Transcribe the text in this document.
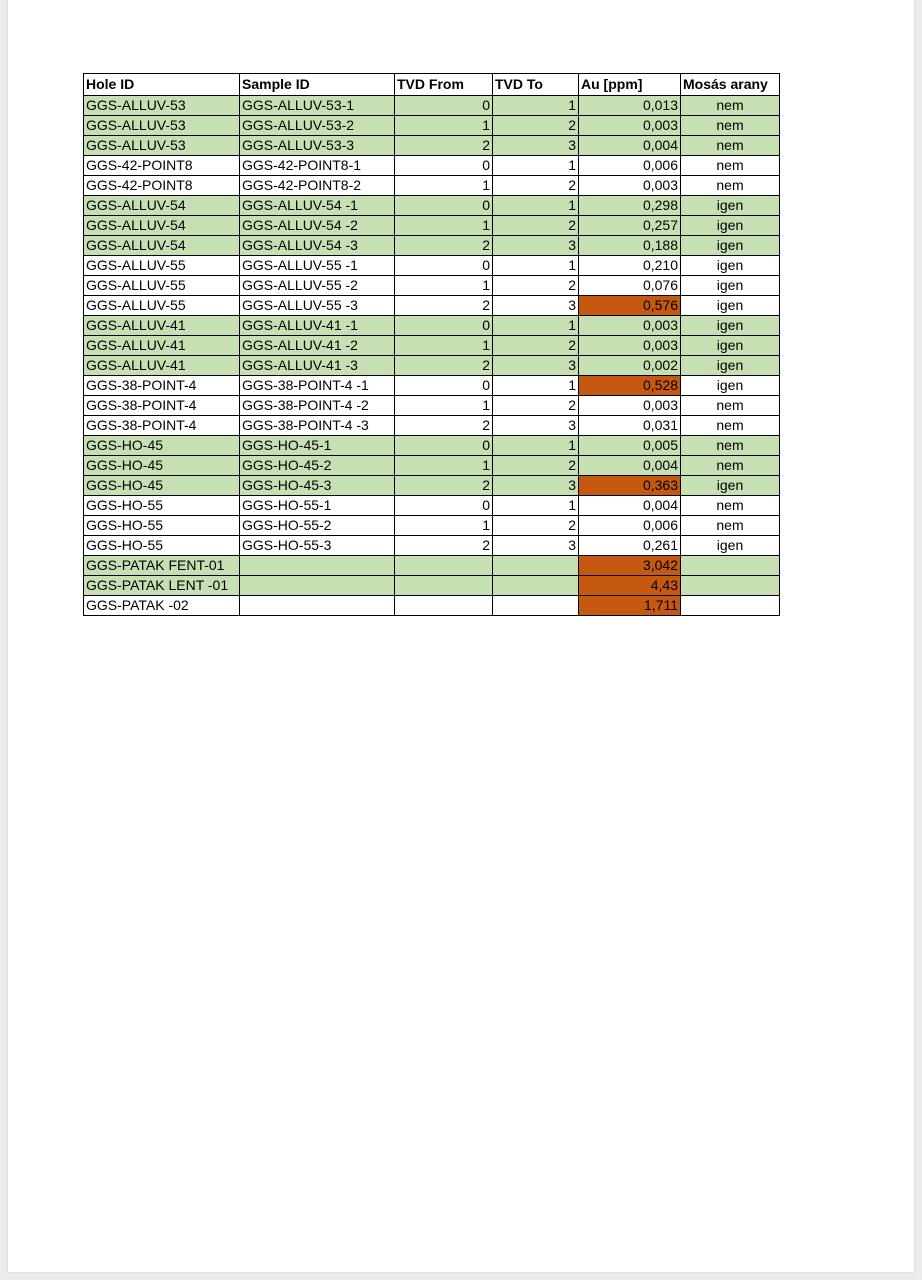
Hole ID	Sample ID	TVD From	TVD To	Au [ppm]	Mosás arany
GGS-ALLUV-53	GGS-ALLUV-53-1	0	1	0,013	nem
GGS-ALLUV-53	GGS-ALLUV-53-2	1	2	0,003	nem
GGS-ALLUV-53	GGS-ALLUV-53-3	2	3	0,004	nem
GGS-42-POINT8	GGS-42-POINT8-1	0	1	0,006	nem
GGS-42-POINT8	GGS-42-POINT8-2	1	2	0,003	nem
GGS-ALLUV-54	GGS-ALLUV-54 -1	0	1	0,298	igen
GGS-ALLUV-54	GGS-ALLUV-54 -2	1	2	0,257	igen
GGS-ALLUV-54	GGS-ALLUV-54 -3	2	3	0,188	igen
GGS-ALLUV-55	GGS-ALLUV-55 -1	0	1	0,210	igen
GGS-ALLUV-55	GGS-ALLUV-55 -2	1	2	0,076	igen
GGS-ALLUV-55	GGS-ALLUV-55 -3	2	3	0,576	igen
GGS-ALLUV-41	GGS-ALLUV-41 -1	0	1	0,003	igen
GGS-ALLUV-41	GGS-ALLUV-41 -2	1	2	0,003	igen
GGS-ALLUV-41	GGS-ALLUV-41 -3	2	3	0,002	igen
GGS-38-POINT-4	GGS-38-POINT-4 -1	0	1	0,528	igen
GGS-38-POINT-4	GGS-38-POINT-4 -2	1	2	0,003	nem
GGS-38-POINT-4	GGS-38-POINT-4 -3	2	3	0,031	nem
GGS-HO-45	GGS-HO-45-1	0	1	0,005	nem
GGS-HO-45	GGS-HO-45-2	1	2	0,004	nem
GGS-HO-45	GGS-HO-45-3	2	3	0,363	igen
GGS-HO-55	GGS-HO-55-1	0	1	0,004	nem
GGS-HO-55	GGS-HO-55-2	1	2	0,006	nem
GGS-HO-55	GGS-HO-55-3	2	3	0,261	igen
GGS-PATAK FENT-01				3,042	
GGS-PATAK LENT -01				4,43	
GGS-PATAK -02				1,711	
